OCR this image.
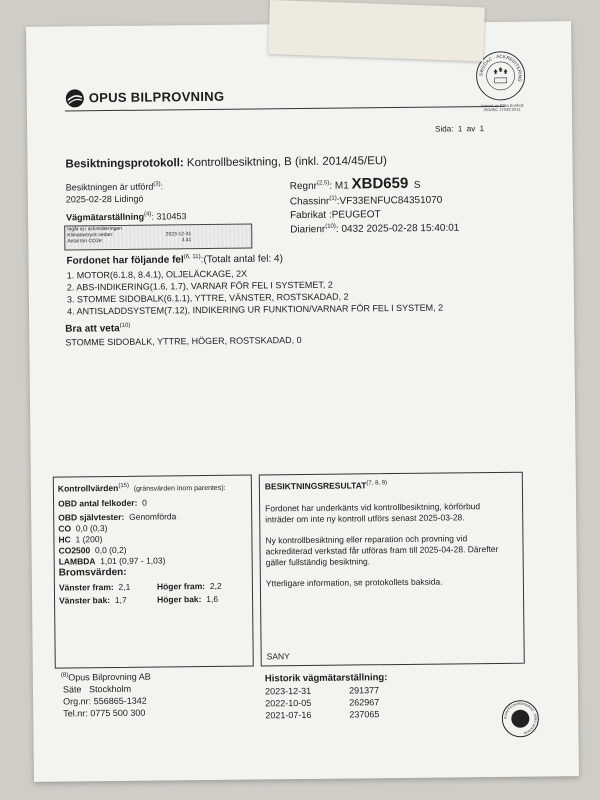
OPUS BILPROVNING
SWEDAC · ACKREDITERING
Ackred. nr 879a Kontroll ISO/IEC 17020:2012
Sida: 1 av 1
Besiktningsprotokoll: Kontrollbesiktning, B (inkl. 2014/45/EU)
Besiktningen är utförd$^{(3)}$:
2025-02-28 Lidingö
Vägmätarställning$^{(4)}$: 310453
Ingår ej i ackrediteringen
Klimatavtryck sedan:	2023-12-31
Antal ton CO2e:	3.41
Regnr$^{(2,5)}$: M1 XBD659 S
Chassinr$^{(1)}$:VF33ENFUC84351070
Fabrikat :PEUGEOT
Diarienr$^{(10)}$: 0432 2025-02-28 15:40:01
Fordonet har följande fel$^{(6, 11)}$:(Totalt antal fel: 4)
1. MOTOR(6.1.8, 8.4.1), OLJELÄCKAGE, 2X
2. ABS-INDIKERING(1.6, 1.7), VARNAR FÖR FEL I SYSTEMET, 2
3. STOMME SIDOBALK(6.1.1), YTTRE, VÄNSTER, ROSTSKADAD, 2
4. ANTISLADDSYSTEM(7.12), INDIKERING UR FUNKTION/VARNAR FÖR FEL I SYSTEM, 2
Bra att veta$^{(10)}$
STOMME SIDOBALK, YTTRE, HÖGER, ROSTSKADAD, 0
Kontrollvärden$^{(15)}$ (gränsvärden inom parentes):
OBD antal felkoder: 0
OBD självtester: Genomförda
CO 0,0 (0,3)
HC 1 (200)
CO2500 0,0 (0,2)
LAMBDA 1,01 (0,97 - 1,03)
Bromsvärden:
Vänster fram: 2,1	Höger fram: 2,2
Vänster bak: 1,7	Höger bak: 1,6
BESIKTNINGSRESULTAT$^{(7, 8, 9)}$
Fordonet har underkänts vid kontrollbesiktning, körförbud inträder om inte ny kontroll utförs senast 2025-03-28.
Ny kontrollbesiktning eller reparation och provning vid ackrediterad verkstad får utföras fram till 2025-04-28. Därefter gäller fullständig besiktning.
Ytterligare information, se protokollets baksida.
SANY
$^{(8)}$Opus Bilprovning AB
Säte Stockholm
Org.nr: 556865-1342
Tel.nr: 0775 500 300
Historik vägmätarställning:
2023-12-31	291377
2022-10-05	262967
2021-07-16	237065	KLIMATKOMPENSERAD · ZERO MISSION
